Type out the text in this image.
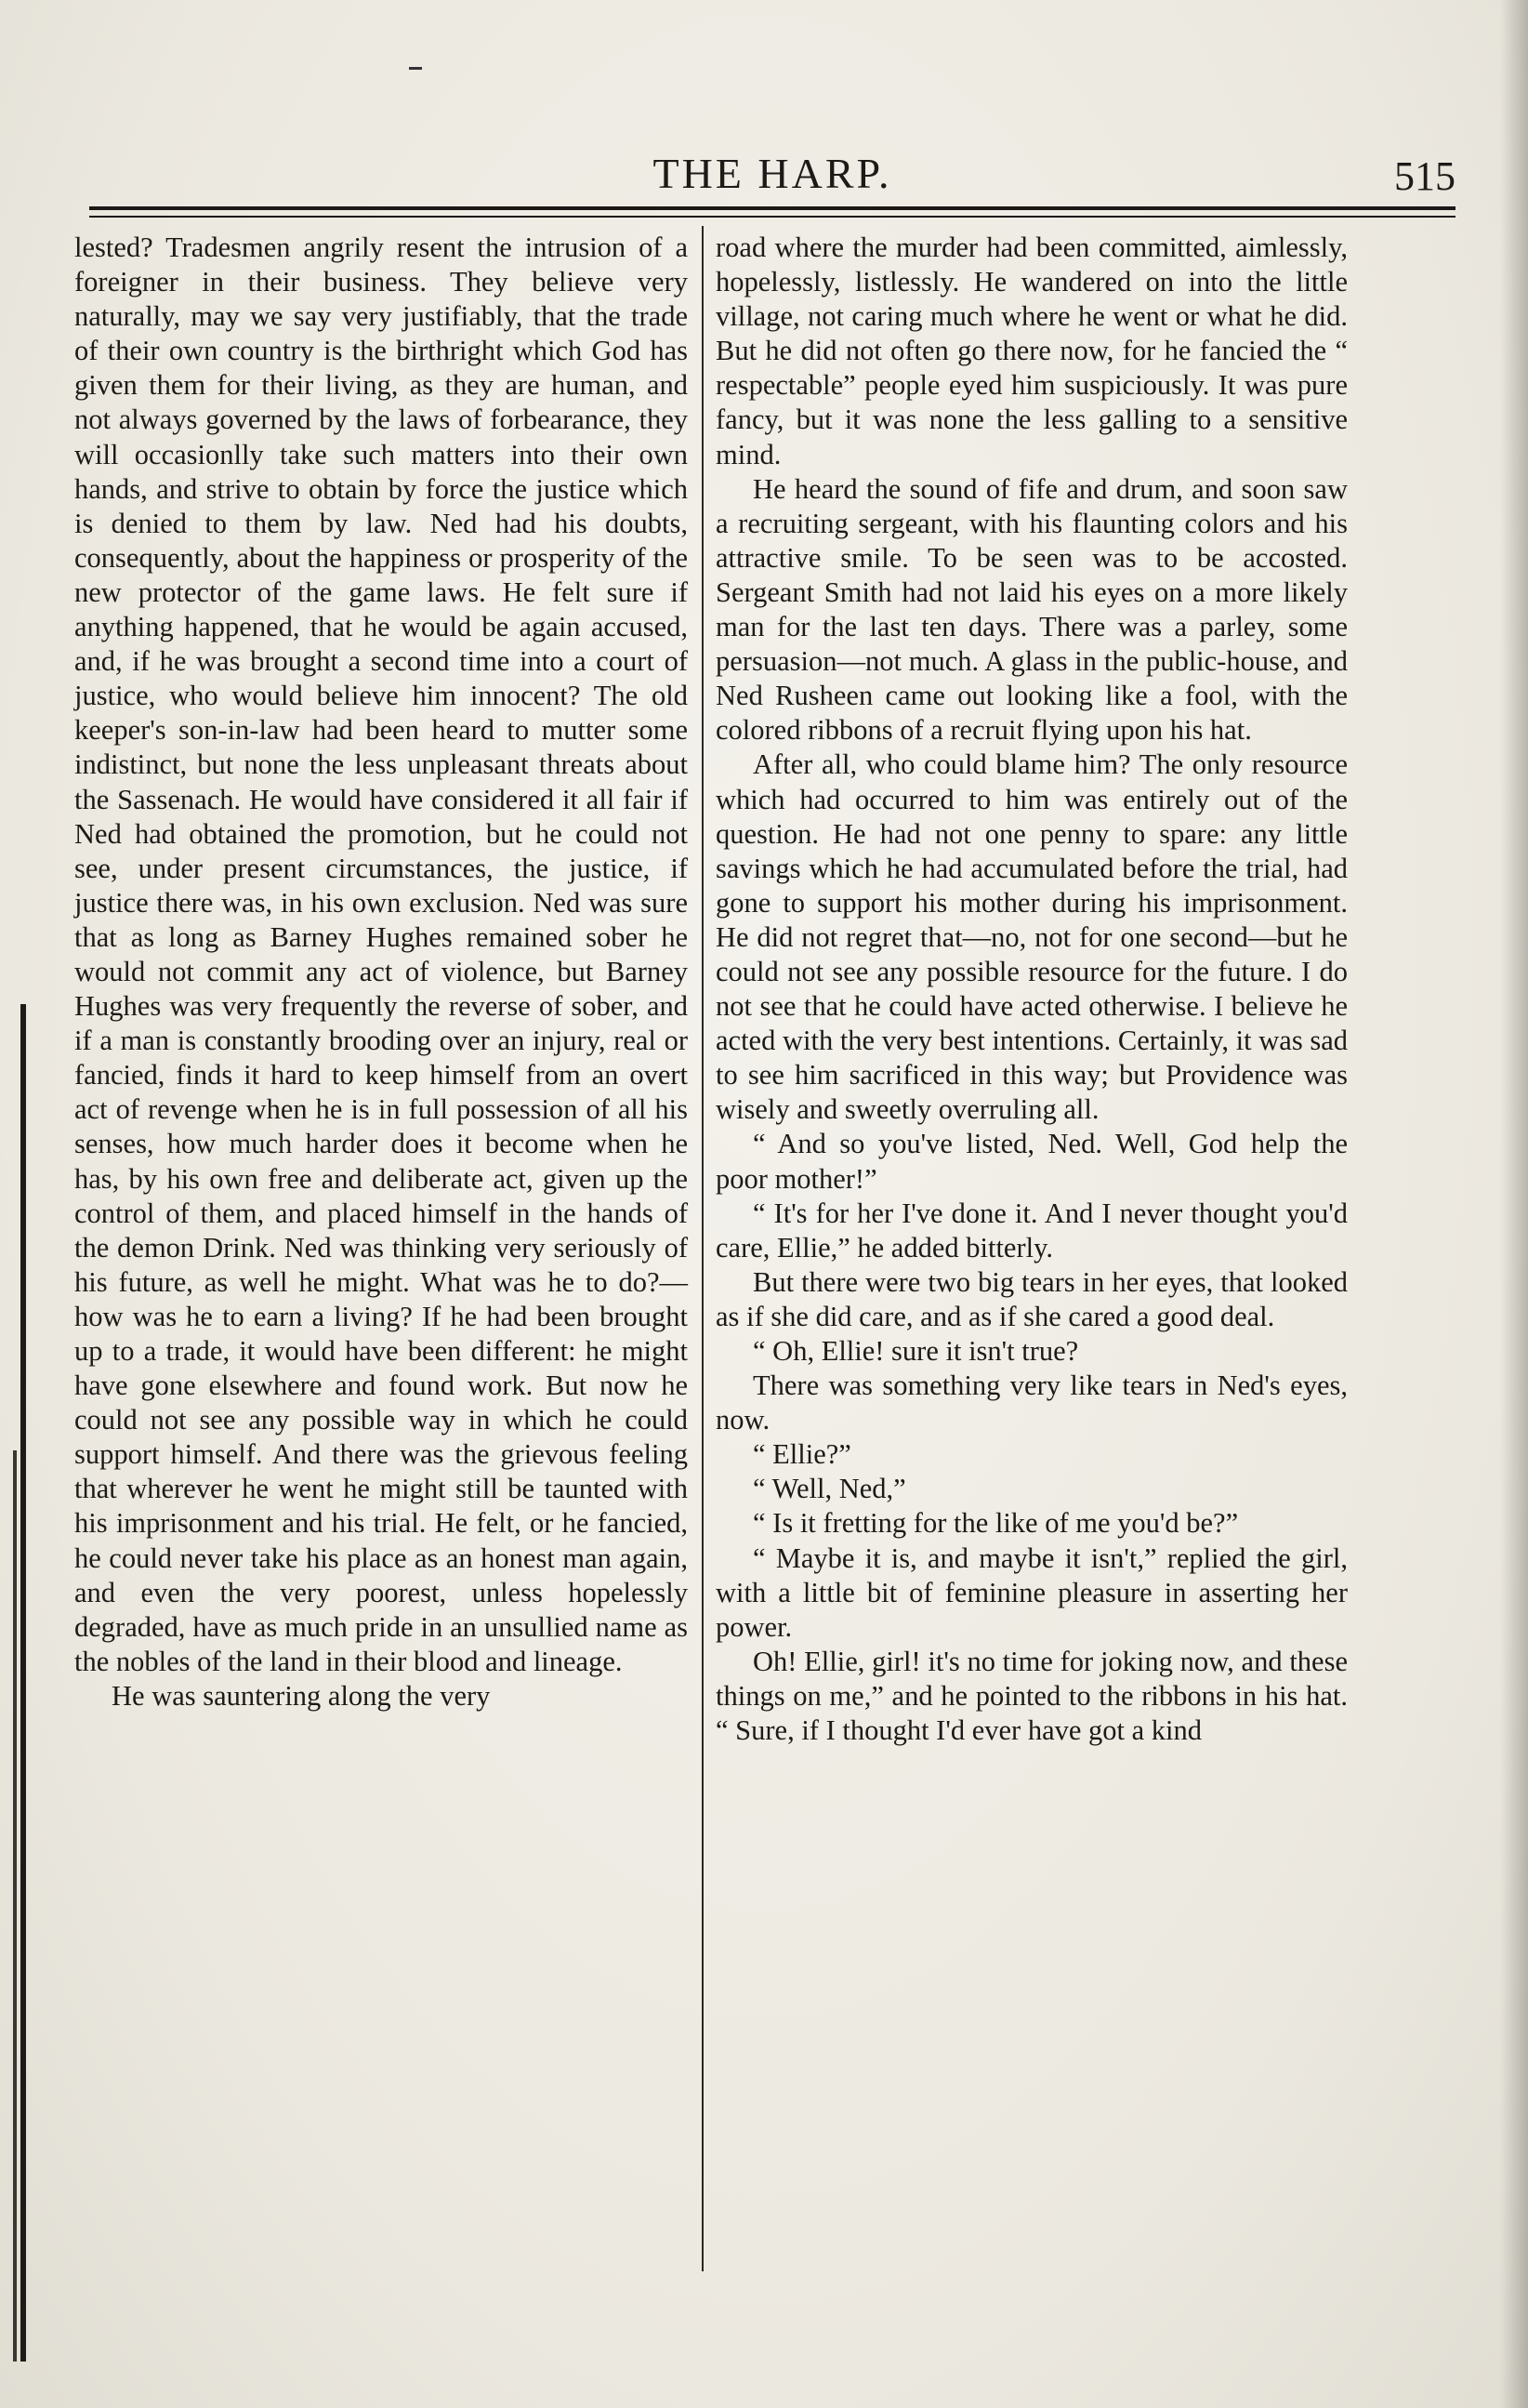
THE HARP.	515

lested? Tradesmen angrily resent the intrusion of a foreigner in their business. They believe very naturally, may we say very justifiably, that the trade of their own country is the birthright which God has given them for their living, as they are human, and not always governed by the laws of forbearance, they will occasionlly take such matters into their own hands, and strive to obtain by force the justice which is denied to them by law. Ned had his doubts, consequently, about the happiness or prosperity of the new protector of the game laws. He felt sure if anything happened, that he would be again accused, and, if he was brought a second time into a court of justice, who would believe him innocent? The old keeper's son-in-law had been heard to mutter some indistinct, but none the less unpleasant threats about the Sassenach. He would have considered it all fair if Ned had obtained the promotion, but he could not see, under present circumstances, the justice, if justice there was, in his own exclusion. Ned was sure that as long as Barney Hughes remained sober he would not commit any act of violence, but Barney Hughes was very frequently the reverse of sober, and if a man is constantly brooding over an injury, real or fancied, finds it hard to keep himself from an overt act of revenge when he is in full possession of all his senses, how much harder does it become when he has, by his own free and deliberate act, given up the control of them, and placed himself in the hands of the demon Drink. Ned was thinking very seriously of his future, as well he might. What was he to do?—how was he to earn a living? If he had been brought up to a trade, it would have been different: he might have gone elsewhere and found work. But now he could not see any possible way in which he could support himself. And there was the grievous feeling that wherever he went he might still be taunted with his imprisonment and his trial. He felt, or he fancied, he could never take his place as an honest man again, and even the very poorest, unless hopelessly degraded, have as much pride in an unsullied name as the nobles of the land in their blood and lineage.

He was sauntering along the very

road where the murder had been committed, aimlessly, hopelessly, listlessly. He wandered on into the little village, not caring much where he went or what he did. But he did not often go there now, for he fancied the “ respectable” people eyed him suspiciously. It was pure fancy, but it was none the less galling to a sensitive mind.

He heard the sound of fife and drum, and soon saw a recruiting sergeant, with his flaunting colors and his attractive smile. To be seen was to be accosted. Sergeant Smith had not laid his eyes on a more likely man for the last ten days. There was a parley, some persuasion—not much. A glass in the public-house, and Ned Rusheen came out looking like a fool, with the colored ribbons of a recruit flying upon his hat.

After all, who could blame him? The only resource which had occurred to him was entirely out of the question. He had not one penny to spare: any little savings which he had accumulated before the trial, had gone to support his mother during his imprisonment. He did not regret that—no, not for one second—but he could not see any possible resource for the future. I do not see that he could have acted otherwise. I believe he acted with the very best intentions. Certainly, it was sad to see him sacrificed in this way; but Providence was wisely and sweetly overruling all.

“ And so you've listed, Ned. Well, God help the poor mother!”

“ It's for her I've done it. And I never thought you'd care, Ellie,” he added bitterly.

But there were two big tears in her eyes, that looked as if she did care, and as if she cared a good deal.

“ Oh, Ellie! sure it isn't true?

There was something very like tears in Ned's eyes, now.

“ Ellie?”

“ Well, Ned,”

“ Is it fretting for the like of me you'd be?”

“ Maybe it is, and maybe it isn't,” replied the girl, with a little bit of feminine pleasure in asserting her power.

Oh! Ellie, girl! it's no time for joking now, and these things on me,” and he pointed to the ribbons in his hat. “ Sure, if I thought I'd ever have got a kind
